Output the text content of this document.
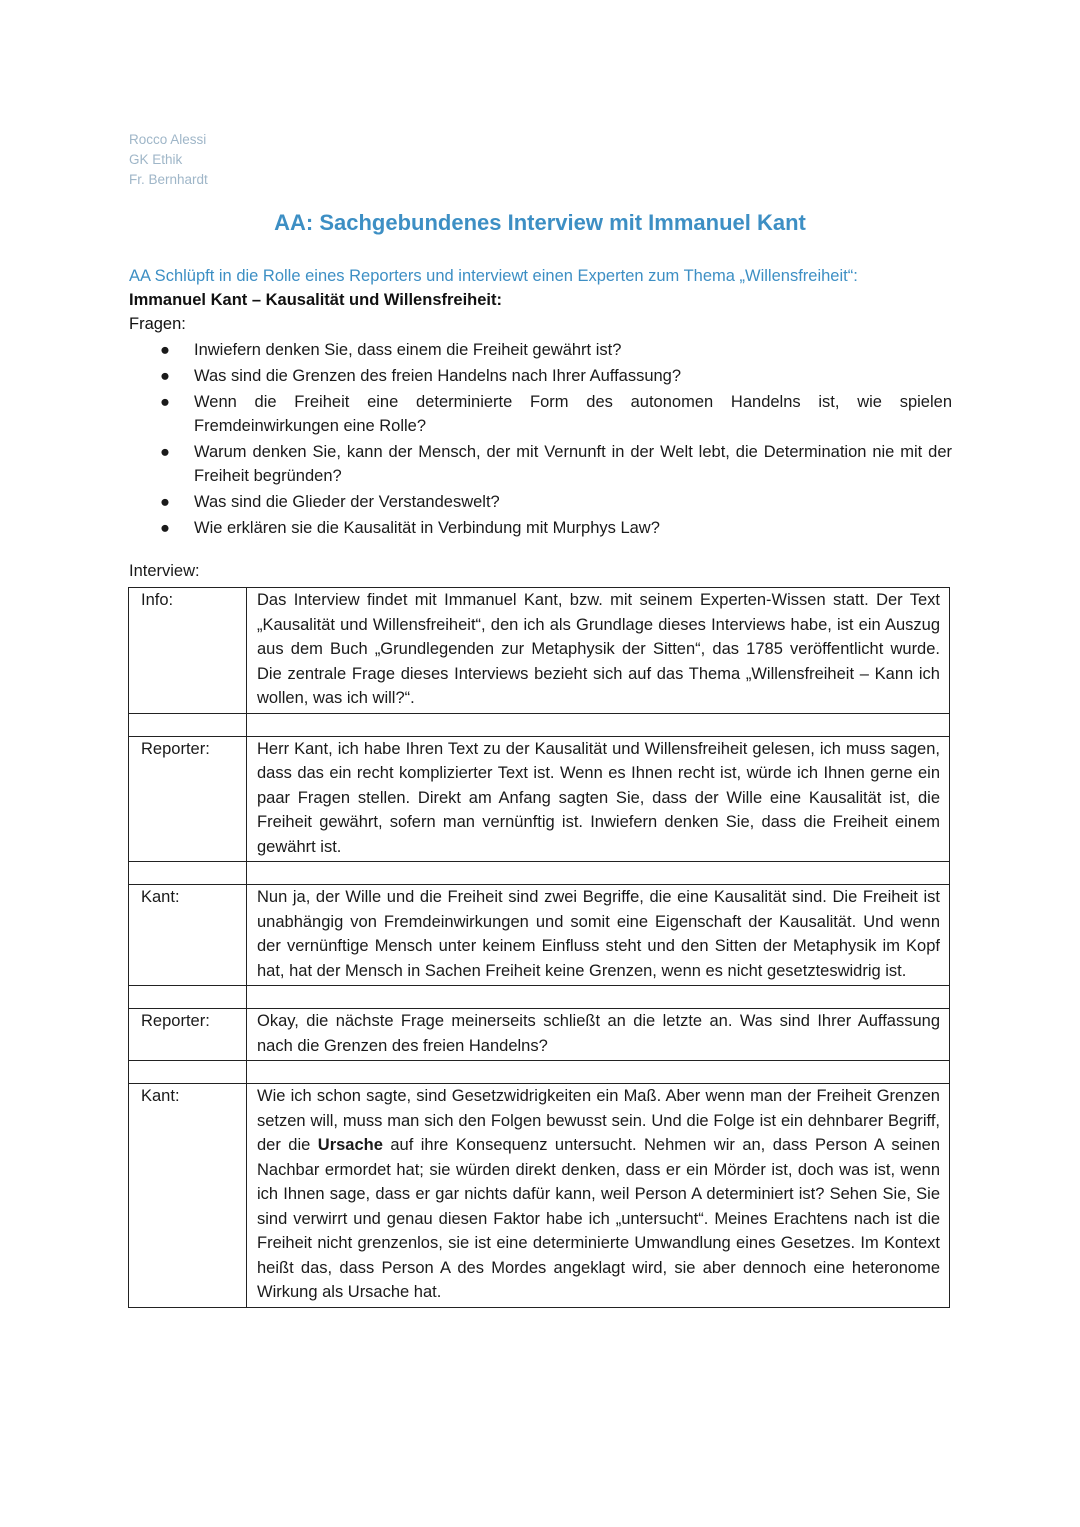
Rocco Alessi
GK Ethik
Fr. Bernhardt
AA: Sachgebundenes Interview mit Immanuel Kant
AA Schlüpft in die Rolle eines Reporters und interviewt einen Experten zum Thema „Willensfreiheit“:
Immanuel Kant – Kausalität und Willensfreiheit:
Fragen:
● Inwiefern denken Sie, dass einem die Freiheit gewährt ist?
● Was sind die Grenzen des freien Handelns nach Ihrer Auffassung?
● Wenn die Freiheit eine determinierte Form des autonomen Handelns ist, wie spielen Fremdeinwirkungen eine Rolle?
● Warum denken Sie, kann der Mensch, der mit Vernunft in der Welt lebt, die Determination nie mit der Freiheit begründen?
● Was sind die Glieder der Verstandeswelt?
● Wie erklären sie die Kausalität in Verbindung mit Murphys Law?
Interview:
Info:	Das Interview findet mit Immanuel Kant, bzw. mit seinem Experten-Wissen statt. Der Text „Kausalität und Willensfreiheit“, den ich als Grundlage dieses Interviews habe, ist ein Auszug aus dem Buch „Grundlegenden zur Metaphysik der Sitten“, das 1785 veröffentlicht wurde. Die zentrale Frage dieses Interviews bezieht sich auf das Thema „Willensfreiheit – Kann ich wollen, was ich will?“.

Reporter:	Herr Kant, ich habe Ihren Text zu der Kausalität und Willensfreiheit gelesen, ich muss sagen, dass das ein recht komplizierter Text ist. Wenn es Ihnen recht ist, würde ich Ihnen gerne ein paar Fragen stellen. Direkt am Anfang sagten Sie, dass der Wille eine Kausalität ist, die Freiheit gewährt, sofern man vernünftig ist. Inwiefern denken Sie, dass die Freiheit einem gewährt ist.

Kant:	Nun ja, der Wille und die Freiheit sind zwei Begriffe, die eine Kausalität sind. Die Freiheit ist unabhängig von Fremdeinwirkungen und somit eine Eigenschaft der Kausalität. Und wenn der vernünftige Mensch unter keinem Einfluss steht und den Sitten der Metaphysik im Kopf hat, hat der Mensch in Sachen Freiheit keine Grenzen, wenn es nicht gesetzteswidrig ist.

Reporter:	Okay, die nächste Frage meinerseits schließt an die letzte an. Was sind Ihrer Auffassung nach die Grenzen des freien Handelns?

Kant:	Wie ich schon sagte, sind Gesetzwidrigkeiten ein Maß. Aber wenn man der Freiheit Grenzen setzen will, muss man sich den Folgen bewusst sein. Und die Folge ist ein dehnbarer Begriff, der die Ursache auf ihre Konsequenz untersucht. Nehmen wir an, dass Person A seinen Nachbar ermordet hat; sie würden direkt denken, dass er ein Mörder ist, doch was ist, wenn ich Ihnen sage, dass er gar nichts dafür kann, weil Person A determiniert ist? Sehen Sie, Sie sind verwirrt und genau diesen Faktor habe ich „untersucht“. Meines Erachtens nach ist die Freiheit nicht grenzenlos, sie ist eine determinierte Umwandlung eines Gesetzes. Im Kontext heißt das, dass Person A des Mordes angeklagt wird, sie aber dennoch eine heteronome Wirkung als Ursache hat.
